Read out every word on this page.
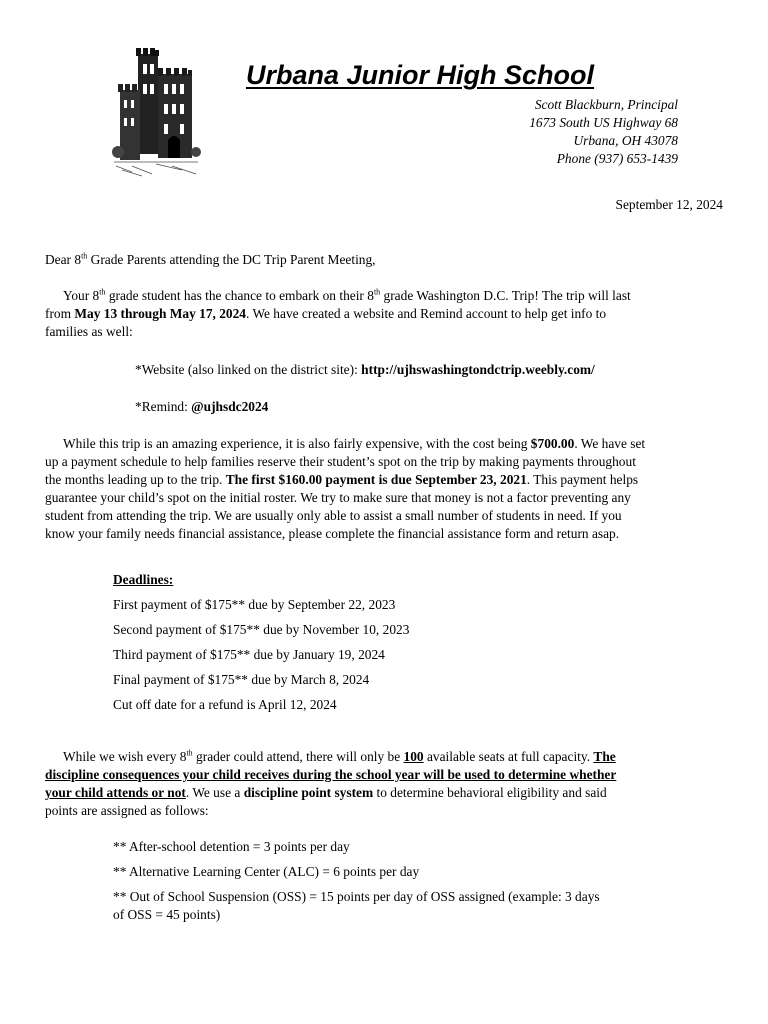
Urbana Junior High School
Scott Blackburn, Principal
1673 South US Highway 68
Urbana, OH 43078
Phone (937) 653-1439
September 12, 2024
Dear 8th Grade Parents attending the DC Trip Parent Meeting,
Your 8th grade student has the chance to embark on their 8th grade Washington D.C. Trip! The trip will last
from May 13 through May 17, 2024. We have created a website and Remind account to help get info to
families as well:
*Website (also linked on the district site): http://ujhswashingtondctrip.weebly.com/
*Remind: @ujhsdc2024
While this trip is an amazing experience, it is also fairly expensive, with the cost being $700.00. We have set
up a payment schedule to help families reserve their student’s spot on the trip by making payments throughout
the months leading up to the trip. The first $160.00 payment is due September 23, 2021. This payment helps
guarantee your child’s spot on the initial roster. We try to make sure that money is not a factor preventing any
student from attending the trip. We are usually only able to assist a small number of students in need. If you
know your family needs financial assistance, please complete the financial assistance form and return asap.
Deadlines:
First payment of $175** due by September 22, 2023
Second payment of $175** due by November 10, 2023
Third payment of $175** due by January 19, 2024
Final payment of $175** due by March 8, 2024
Cut off date for a refund is April 12, 2024
While we wish every 8th grader could attend, there will only be 100 available seats at full capacity. The
discipline consequences your child receives during the school year will be used to determine whether
your child attends or not. We use a discipline point system to determine behavioral eligibility and said
points are assigned as follows:
** After-school detention = 3 points per day
** Alternative Learning Center (ALC) = 6 points per day
** Out of School Suspension (OSS) = 15 points per day of OSS assigned (example: 3 days
of OSS = 45 points)
